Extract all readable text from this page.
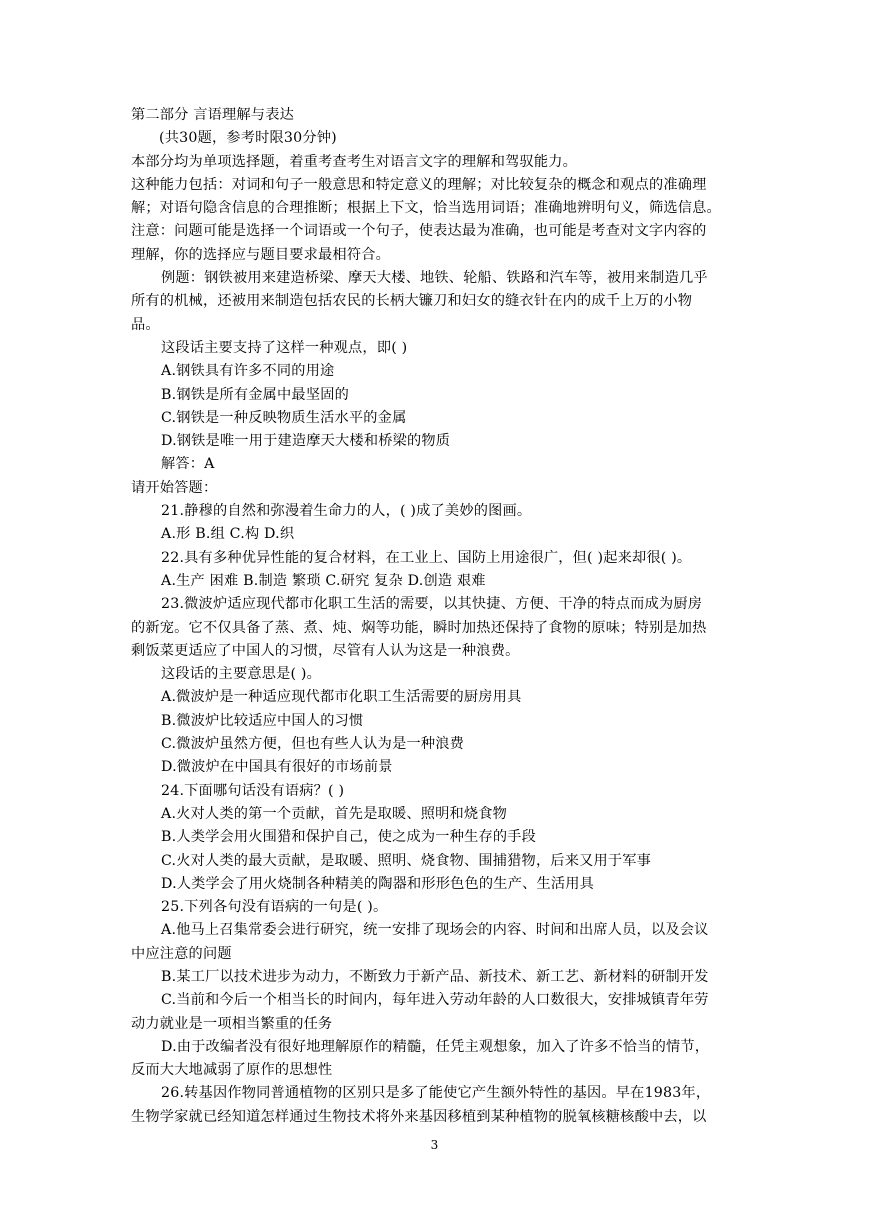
第二部分 言语理解与表达
(共30题，参考时限30分钟)
本部分均为单项选择题，着重考查考生对语言文字的理解和驾驭能力。
这种能力包括：对词和句子一般意思和特定意义的理解；对比较复杂的概念和观点的准确理
解；对语句隐含信息的合理推断；根据上下文，恰当选用词语；准确地辨明句义，筛选信息。
注意：问题可能是选择一个词语或一个句子，使表达最为准确，也可能是考查对文字内容的
理解，你的选择应与题目要求最相符合。
例题：钢铁被用来建造桥梁、摩天大楼、地铁、轮船、铁路和汽车等，被用来制造几乎
所有的机械，还被用来制造包括农民的长柄大镰刀和妇女的缝衣针在内的成千上万的小物
品。
这段话主要支持了这样一种观点，即( )
A.钢铁具有许多不同的用途
B.钢铁是所有金属中最坚固的
C.钢铁是一种反映物质生活水平的金属
D.钢铁是唯一用于建造摩天大楼和桥梁的物质
解答：A
请开始答题：
21.静穆的自然和弥漫着生命力的人，( )成了美妙的图画。
A.形 B.组 C.构 D.织
22.具有多种优异性能的复合材料，在工业上、国防上用途很广，但( )起来却很( )。
A.生产 困难 B.制造 繁琐 C.研究 复杂 D.创造 艰难
23.微波炉适应现代都市化职工生活的需要，以其快捷、方便、干净的特点而成为厨房
的新宠。它不仅具备了蒸、煮、炖、焖等功能，瞬时加热还保持了食物的原味；特别是加热
剩饭菜更适应了中国人的习惯，尽管有人认为这是一种浪费。
这段话的主要意思是( )。
A.微波炉是一种适应现代都市化职工生活需要的厨房用具
B.微波炉比较适应中国人的习惯
C.微波炉虽然方便，但也有些人认为是一种浪费
D.微波炉在中国具有很好的市场前景
24.下面哪句话没有语病？( )
A.火对人类的第一个贡献，首先是取暖、照明和烧食物
B.人类学会用火围猎和保护自己，使之成为一种生存的手段
C.火对人类的最大贡献，是取暖、照明、烧食物、围捕猎物，后来又用于军事
D.人类学会了用火烧制各种精美的陶器和形形色色的生产、生活用具
25.下列各句没有语病的一句是( )。
A.他马上召集常委会进行研究，统一安排了现场会的内容、时间和出席人员，以及会议
中应注意的问题
B.某工厂以技术进步为动力，不断致力于新产品、新技术、新工艺、新材料的研制开发
C.当前和今后一个相当长的时间内，每年进入劳动年龄的人口数很大，安排城镇青年劳
动力就业是一项相当繁重的任务
D.由于改编者没有很好地理解原作的精髓，任凭主观想象，加入了许多不恰当的情节，
反而大大地减弱了原作的思想性
26.转基因作物同普通植物的区别只是多了能使它产生额外特性的基因。早在1983年，
生物学家就已经知道怎样通过生物技术将外来基因移植到某种植物的脱氧核糖核酸中去，以
3
